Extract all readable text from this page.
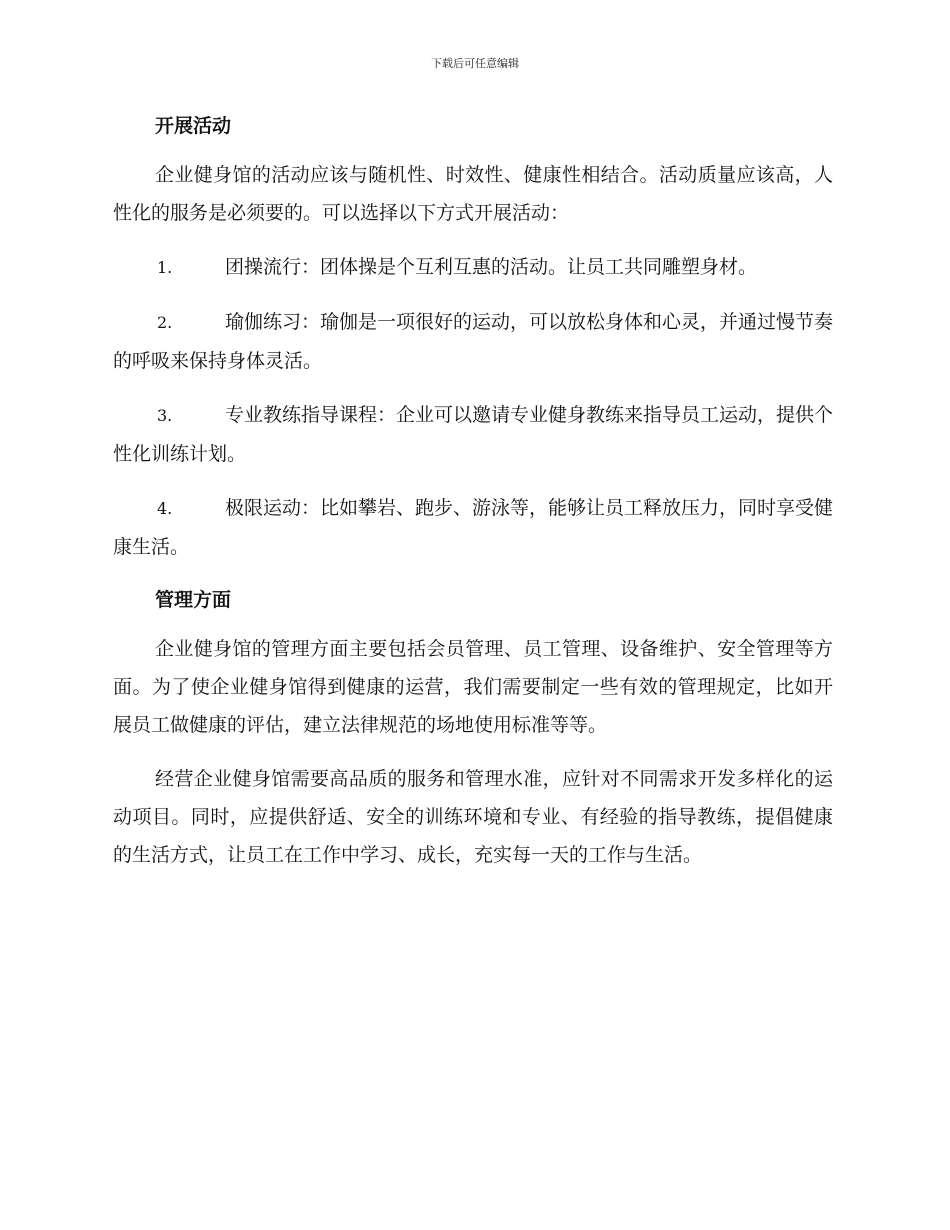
下载后可任意编辑
开展活动

企业健身馆的活动应该与随机性、时效性、健康性相结合。活动质量应该高，人性化的服务是必须要的。可以选择以下方式开展活动：

1.	团操流行：团体操是个互利互惠的活动。让员工共同雕塑身材。

2.	瑜伽练习：瑜伽是一项很好的运动，可以放松身体和心灵，并通过慢节奏的呼吸来保持身体灵活。

3.	专业教练指导课程：企业可以邀请专业健身教练来指导员工运动，提供个性化训练计划。

4.	极限运动：比如攀岩、跑步、游泳等，能够让员工释放压力，同时享受健康生活。

管理方面

企业健身馆的管理方面主要包括会员管理、员工管理、设备维护、安全管理等方面。为了使企业健身馆得到健康的运营，我们需要制定一些有效的管理规定，比如开展员工做健康的评估，建立法律规范的场地使用标准等等。

经营企业健身馆需要高品质的服务和管理水准，应针对不同需求开发多样化的运动项目。同时，应提供舒适、安全的训练环境和专业、有经验的指导教练，提倡健康的生活方式，让员工在工作中学习、成长，充实每一天的工作与生活。
